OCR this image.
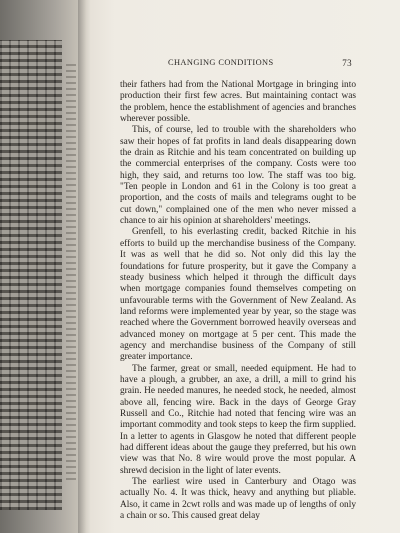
CHANGING CONDITIONS	73

their fathers had from the National Mortgage in bringing into production their first few acres. But maintaining contact was the problem, hence the establishment of agencies and branches wherever possible.

This, of course, led to trouble with the shareholders who saw their hopes of fat profits in land deals disappearing down the drain as Ritchie and his team concentrated on building up the commercial enterprises of the company. Costs were too high, they said, and returns too low. The staff was too big. "Ten people in London and 61 in the Colony is too great a proportion, and the costs of mails and telegrams ought to be cut down," complained one of the men who never missed a chance to air his opinion at shareholders' meetings.

Grenfell, to his everlasting credit, backed Ritchie in his efforts to build up the merchandise business of the Company. It was as well that he did so. Not only did this lay the foundations for future prosperity, but it gave the Company a steady business which helped it through the difficult days when mortgage companies found themselves competing on unfavourable terms with the Government of New Zealand. As land reforms were implemented year by year, so the stage was reached where the Government borrowed heavily overseas and advanced money on mortgage at 5 per cent. This made the agency and merchandise business of the Company of still greater importance.

The farmer, great or small, needed equipment. He had to have a plough, a grubber, an axe, a drill, a mill to grind his grain. He needed manures, he needed stock, he needed, almost above all, fencing wire. Back in the days of George Gray Russell and Co., Ritchie had noted that fencing wire was an important commodity and took steps to keep the firm supplied. In a letter to agents in Glasgow he noted that different people had different ideas about the gauge they preferred, but his own view was that No. 8 wire would prove the most popular. A shrewd decision in the light of later events.

The earliest wire used in Canterbury and Otago was actually No. 4. It was thick, heavy and anything but pliable. Also, it came in 2cwt rolls and was made up of lengths of only a chain or so. This caused great delay
